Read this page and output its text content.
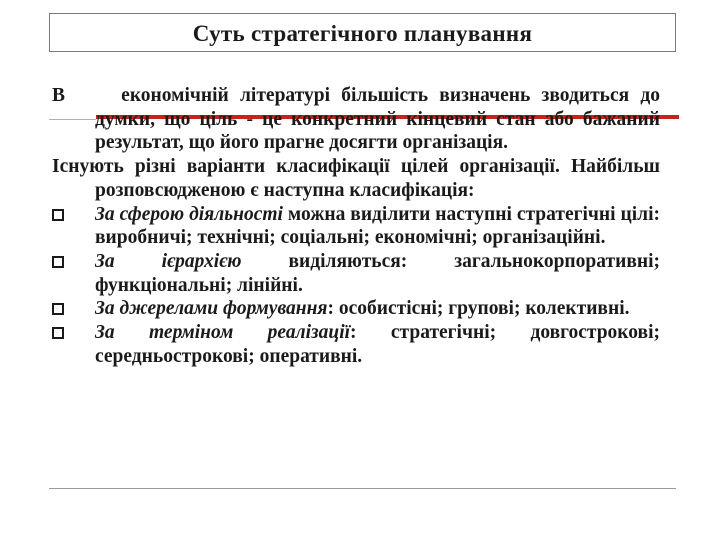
Суть стратегічного планування

В	економічній літературі більшість визначень зводиться до думки, що ціль - це конкретний кінцевий стан або бажаний результат, що його прагне досягти організація.

Існують різні варіанти класифікації цілей організації. Найбільш розповсюдженою є наступна класифікація:

За сферою діяльності можна виділити наступні стратегічні цілі: виробничі; технічні; соціальні; економічні; організаційні.
За ієрархією виділяються: загальнокорпоративні; функціональні; лінійні.
За джерелами формування: особистісні; групові; колективні.
За терміном реалізації: стратегічні; довгострокові; середньострокові; оперативні.
